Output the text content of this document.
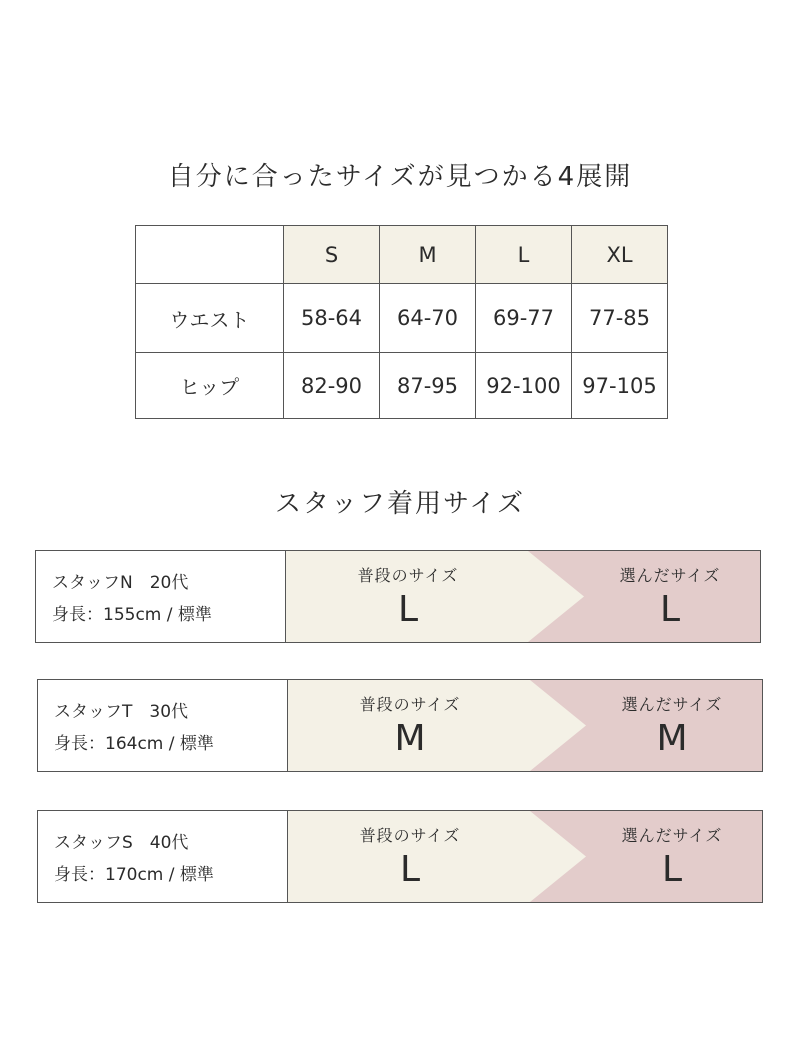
自分に合ったサイズが見つかる4展開
	S	M	L	XL
ウエスト	58-64	64-70	69-77	77-85
ヒップ	82-90	87-95	92-100	97-105
スタッフ着用サイズ
スタッフN　20代
身長：155cm / 標準
普段のサイズ
L
選んだサイズ
L
スタッフT　30代
身長：164cm / 標準
普段のサイズ
M
選んだサイズ
M
スタッフS　40代
身長：170cm / 標準
普段のサイズ
L
選んだサイズ
L
